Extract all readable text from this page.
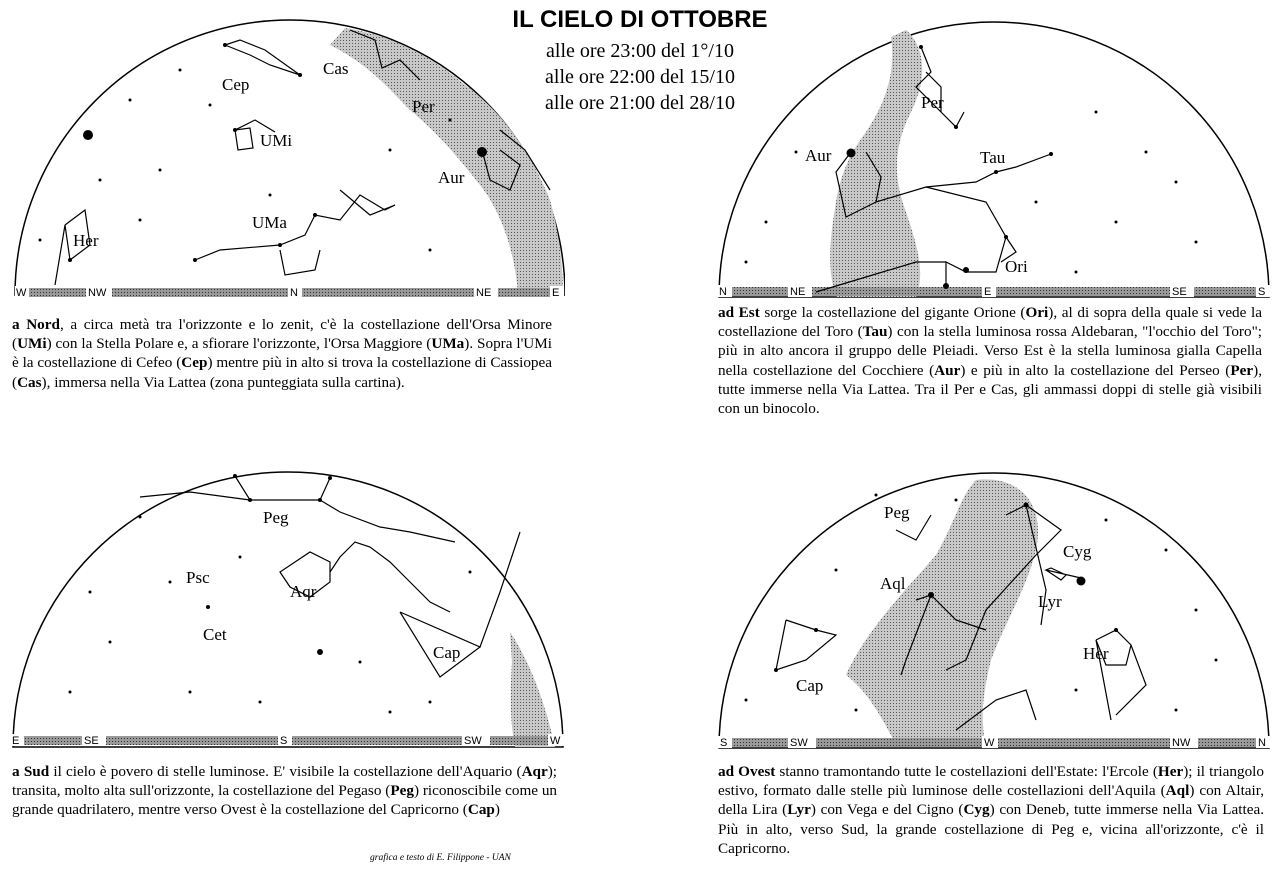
IL CIELO DI OTTOBRE
alle ore 23:00 del 1°/10
alle ore 22:00 del 15/10
alle ore 21:00 del 28/10
Cep
Cas
Per
UMi
Aur
UMa
Her
W	NW	N	NE	E
a Nord, a circa metà tra l'orizzonte e lo zenit, c'è la costellazione dell'Orsa Minore (UMi) con la Stella Polare e, a sfiorare l'orizzonte, l'Orsa Maggiore (UMa). Sopra l'UMi è la costellazione di Cefeo (Cep) mentre più in alto si trova la costellazione di Cassiopea (Cas), immersa nella Via Lattea (zona punteggiata sulla cartina).
Per
Aur	Tau
Ori
N	NE	E	SE	S
ad Est sorge la costellazione del gigante Orione (Ori), al di sopra della quale si vede la costellazione del Toro (Tau) con la stella luminosa rossa Aldebaran, "l'occhio del Toro"; più in alto ancora il gruppo delle Pleiadi. Verso Est è la stella luminosa gialla Capella nella costellazione del Cocchiere (Aur) e più in alto la costellazione del Perseo (Per), tutte immerse nella Via Lattea. Tra il Per e Cas, gli ammassi doppi di stelle già visibili con un binocolo.
Peg
Psc
Aqr
Cet
Cap
E	SE	S	SW	W
a Sud il cielo è povero di stelle luminose. E' visibile la costellazione dell'Aquario (Aqr); transita, molto alta sull'orizzonte, la costellazione del Pegaso (Peg) riconoscibile come un grande quadrilatero, mentre verso Ovest è la costellazione del Capricorno (Cap)
grafica e testo di E. Filippone - UAN
Peg
Cyg
Aql
Lyr
Her
Cap
S	SW	W	NW	N
ad Ovest stanno tramontando tutte le costellazioni dell'Estate: l'Ercole (Her); il triangolo estivo, formato dalle stelle più luminose delle costellazioni dell'Aquila (Aql) con Altair, della Lira (Lyr) con Vega e del Cigno (Cyg) con Deneb, tutte immerse nella Via Lattea. Più in alto, verso Sud, la grande costellazione di Peg e, vicina all'orizzonte, c'è il Capricorno.
